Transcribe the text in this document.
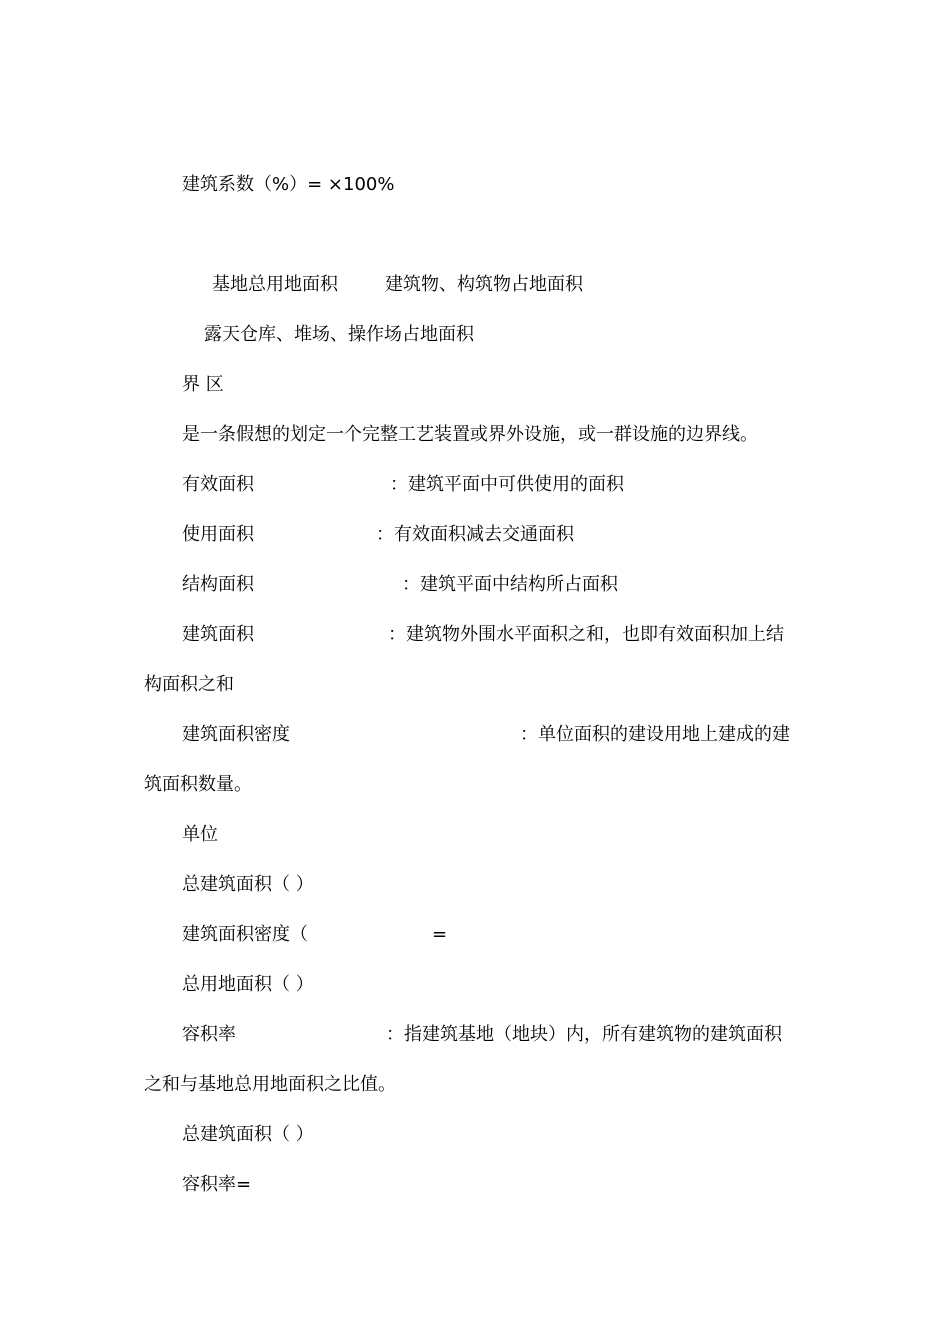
建筑系数（%）= ×100%
基地总用地面积	建筑物、构筑物占地面积
露天仓库、堆场、操作场占地面积
界 区
是一条假想的划定一个完整工艺装置或界外设施，或一群设施的边界线。
有效面积	：建筑平面中可供使用的面积
使用面积	：有效面积减去交通面积
结构面积	：建筑平面中结构所占面积
建筑面积	：建筑物外围水平面积之和，也即有效面积加上结
构面积之和
建筑面积密度	：单位面积的建设用地上建成的建
筑面积数量。
单位
总建筑面积（ ）
建筑面积密度（	=
总用地面积（ ）
容积率	：指建筑基地（地块）内，所有建筑物的建筑面积
之和与基地总用地面积之比值。
总建筑面积（ ）
容积率=
